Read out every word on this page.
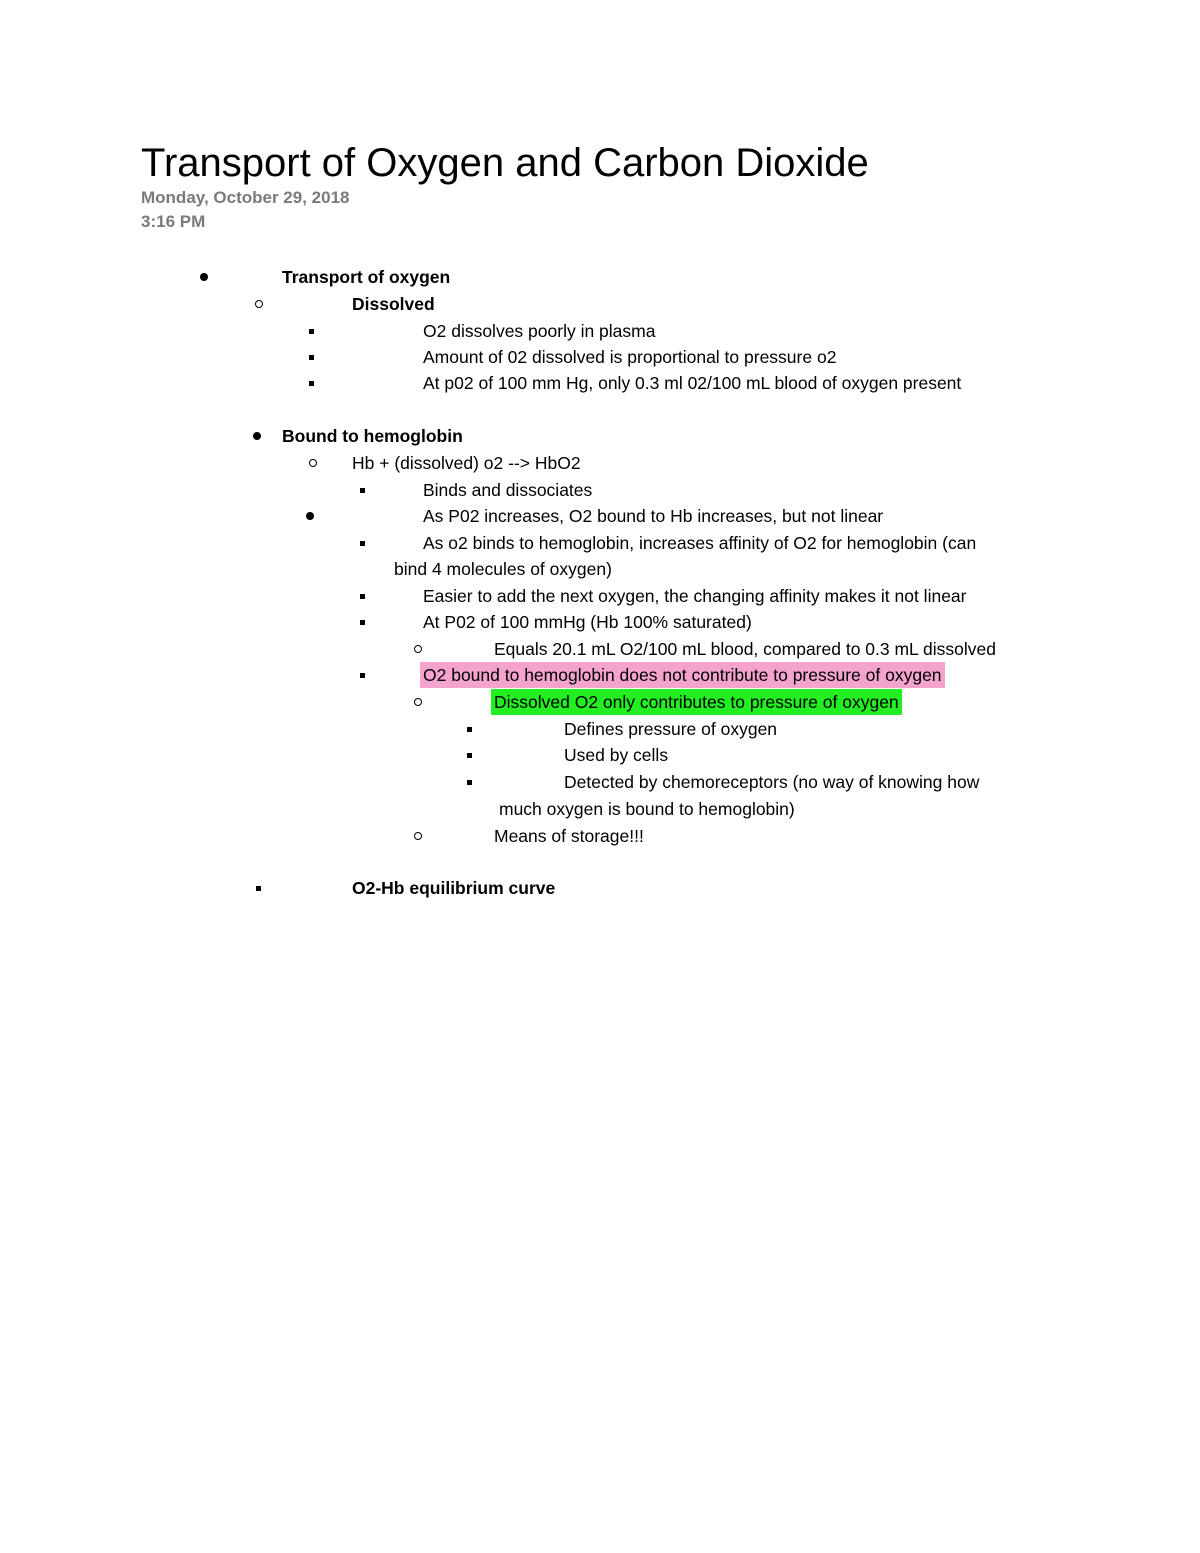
Transport of Oxygen and Carbon Dioxide
Monday, October 29, 2018
3:16 PM
Transport of oxygen
Dissolved
O2 dissolves poorly in plasma
Amount of 02 dissolved is proportional to pressure o2
At p02 of 100 mm Hg, only 0.3 ml 02/100 mL blood of oxygen present
Bound to hemoglobin
Hb + (dissolved) o2 --> HbO2
Binds and dissociates
As P02 increases, O2 bound to Hb increases, but not linear
As o2 binds to hemoglobin, increases affinity of O2 for hemoglobin (can
bind 4 molecules of oxygen)
Easier to add the next oxygen, the changing affinity makes it not linear
At P02 of 100 mmHg (Hb 100% saturated)
Equals 20.1 mL O2/100 mL blood, compared to 0.3 mL dissolved
O2 bound to hemoglobin does not contribute to pressure of oxygen
Dissolved O2 only contributes to pressure of oxygen
Defines pressure of oxygen
Used by cells
Detected by chemoreceptors (no way of knowing how
much oxygen is bound to hemoglobin)
Means of storage!!!
O2-Hb equilibrium curve
